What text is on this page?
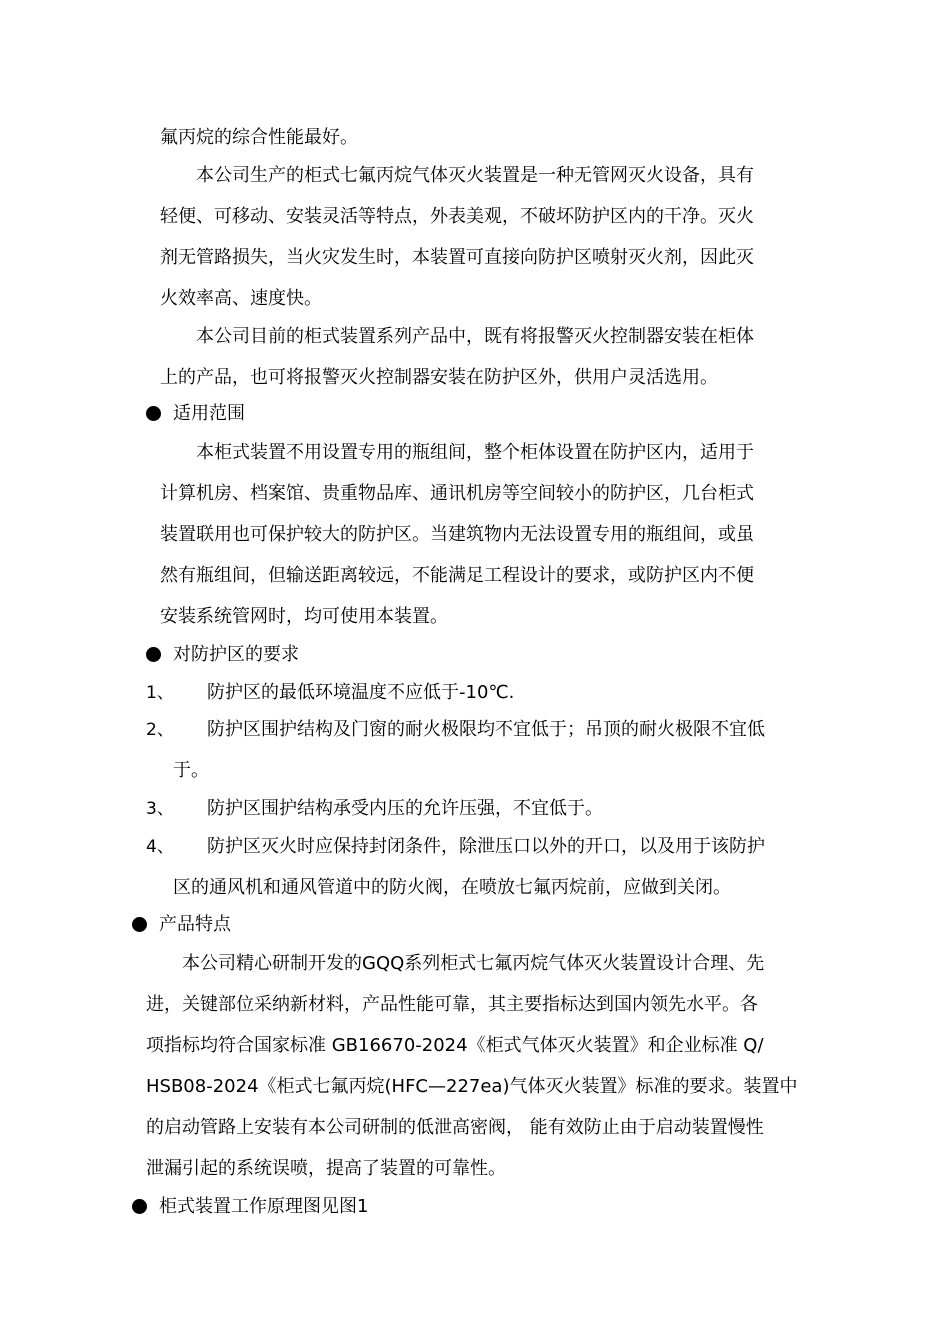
氟丙烷的综合性能最好。
本公司生产的柜式七氟丙烷气体灭火装置是一种无管网灭火设备，具有
轻便、可移动、安装灵活等特点，外表美观，不破坏防护区内的干净。灭火
剂无管路损失，当火灾发生时，本装置可直接向防护区喷射灭火剂，因此灭
火效率高、速度快。
本公司目前的柜式装置系列产品中，既有将报警灭火控制器安装在柜体
上的产品，也可将报警灭火控制器安装在防护区外，供用户灵活选用。
适用范围
本柜式装置不用设置专用的瓶组间，整个柜体设置在防护区内，适用于
计算机房、档案馆、贵重物品库、通讯机房等空间较小的防护区，几台柜式
装置联用也可保护较大的防护区。当建筑物内无法设置专用的瓶组间，或虽
然有瓶组间，但输送距离较远，不能满足工程设计的要求，或防护区内不便
安装系统管网时，均可使用本装置。
对防护区的要求
1、 防护区的最低环境温度不应低于-10℃.
2、 防护区围护结构及门窗的耐火极限均不宜低于；吊顶的耐火极限不宜低
于。
3、 防护区围护结构承受内压的允许压强，不宜低于。
4、 防护区灭火时应保持封闭条件，除泄压口以外的开口，以及用于该防护
区的通风机和通风管道中的防火阀，在喷放七氟丙烷前，应做到关闭。
产品特点
本公司精心研制开发的GQQ系列柜式七氟丙烷气体灭火装置设计合理、先
进，关键部位采纳新材料，产品性能可靠，其主要指标达到国内领先水平。各
项指标均符合国家标准 GB16670-2024《柜式气体灭火装置》和企业标准 Q/
HSB08-2024《柜式七氟丙烷(HFC—227ea)气体灭火装置》标准的要求。装置中
的启动管路上安装有本公司研制的低泄高密阀， 能有效防止由于启动装置慢性
泄漏引起的系统误喷，提高了装置的可靠性。
柜式装置工作原理图见图1
